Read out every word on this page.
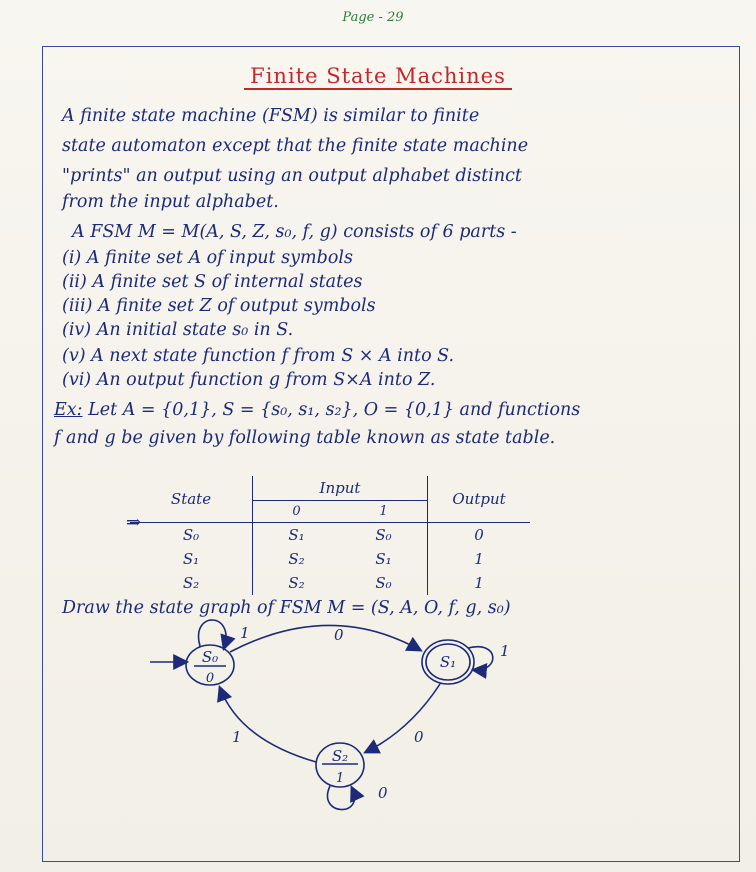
Page - 29
Finite State Machines
A finite state machine (FSM) is similar to finite
state automaton except that the finite state machine
"prints" an output using an output alphabet distinct
from the input alphabet.
A FSM M = M(A, S, Z, s₀, f, g) consists of 6 parts -
(i) A finite set A of input symbols
(ii) A finite set S of internal states
(iii) A finite set Z of output symbols
(iv) An initial state s₀ in S.
(v) A next state function f from S × A into S.
(vi) An output function g from S×A into Z.
Ex: Let A = {0,1}, S = {s₀, s₁, s₂}, O = {0,1} and functions
f and g be given by following table known as state table.
⇒
State	Input		Output
	0	1	
S₀	S₁	S₀	0
S₁	S₂	S₁	1
S₂	S₂	S₀	1
Draw the state graph of FSM M = (S, A, O, f, g, s₀)
S₀
0
S₁
S₂
1
1	0
1
0
1
0
